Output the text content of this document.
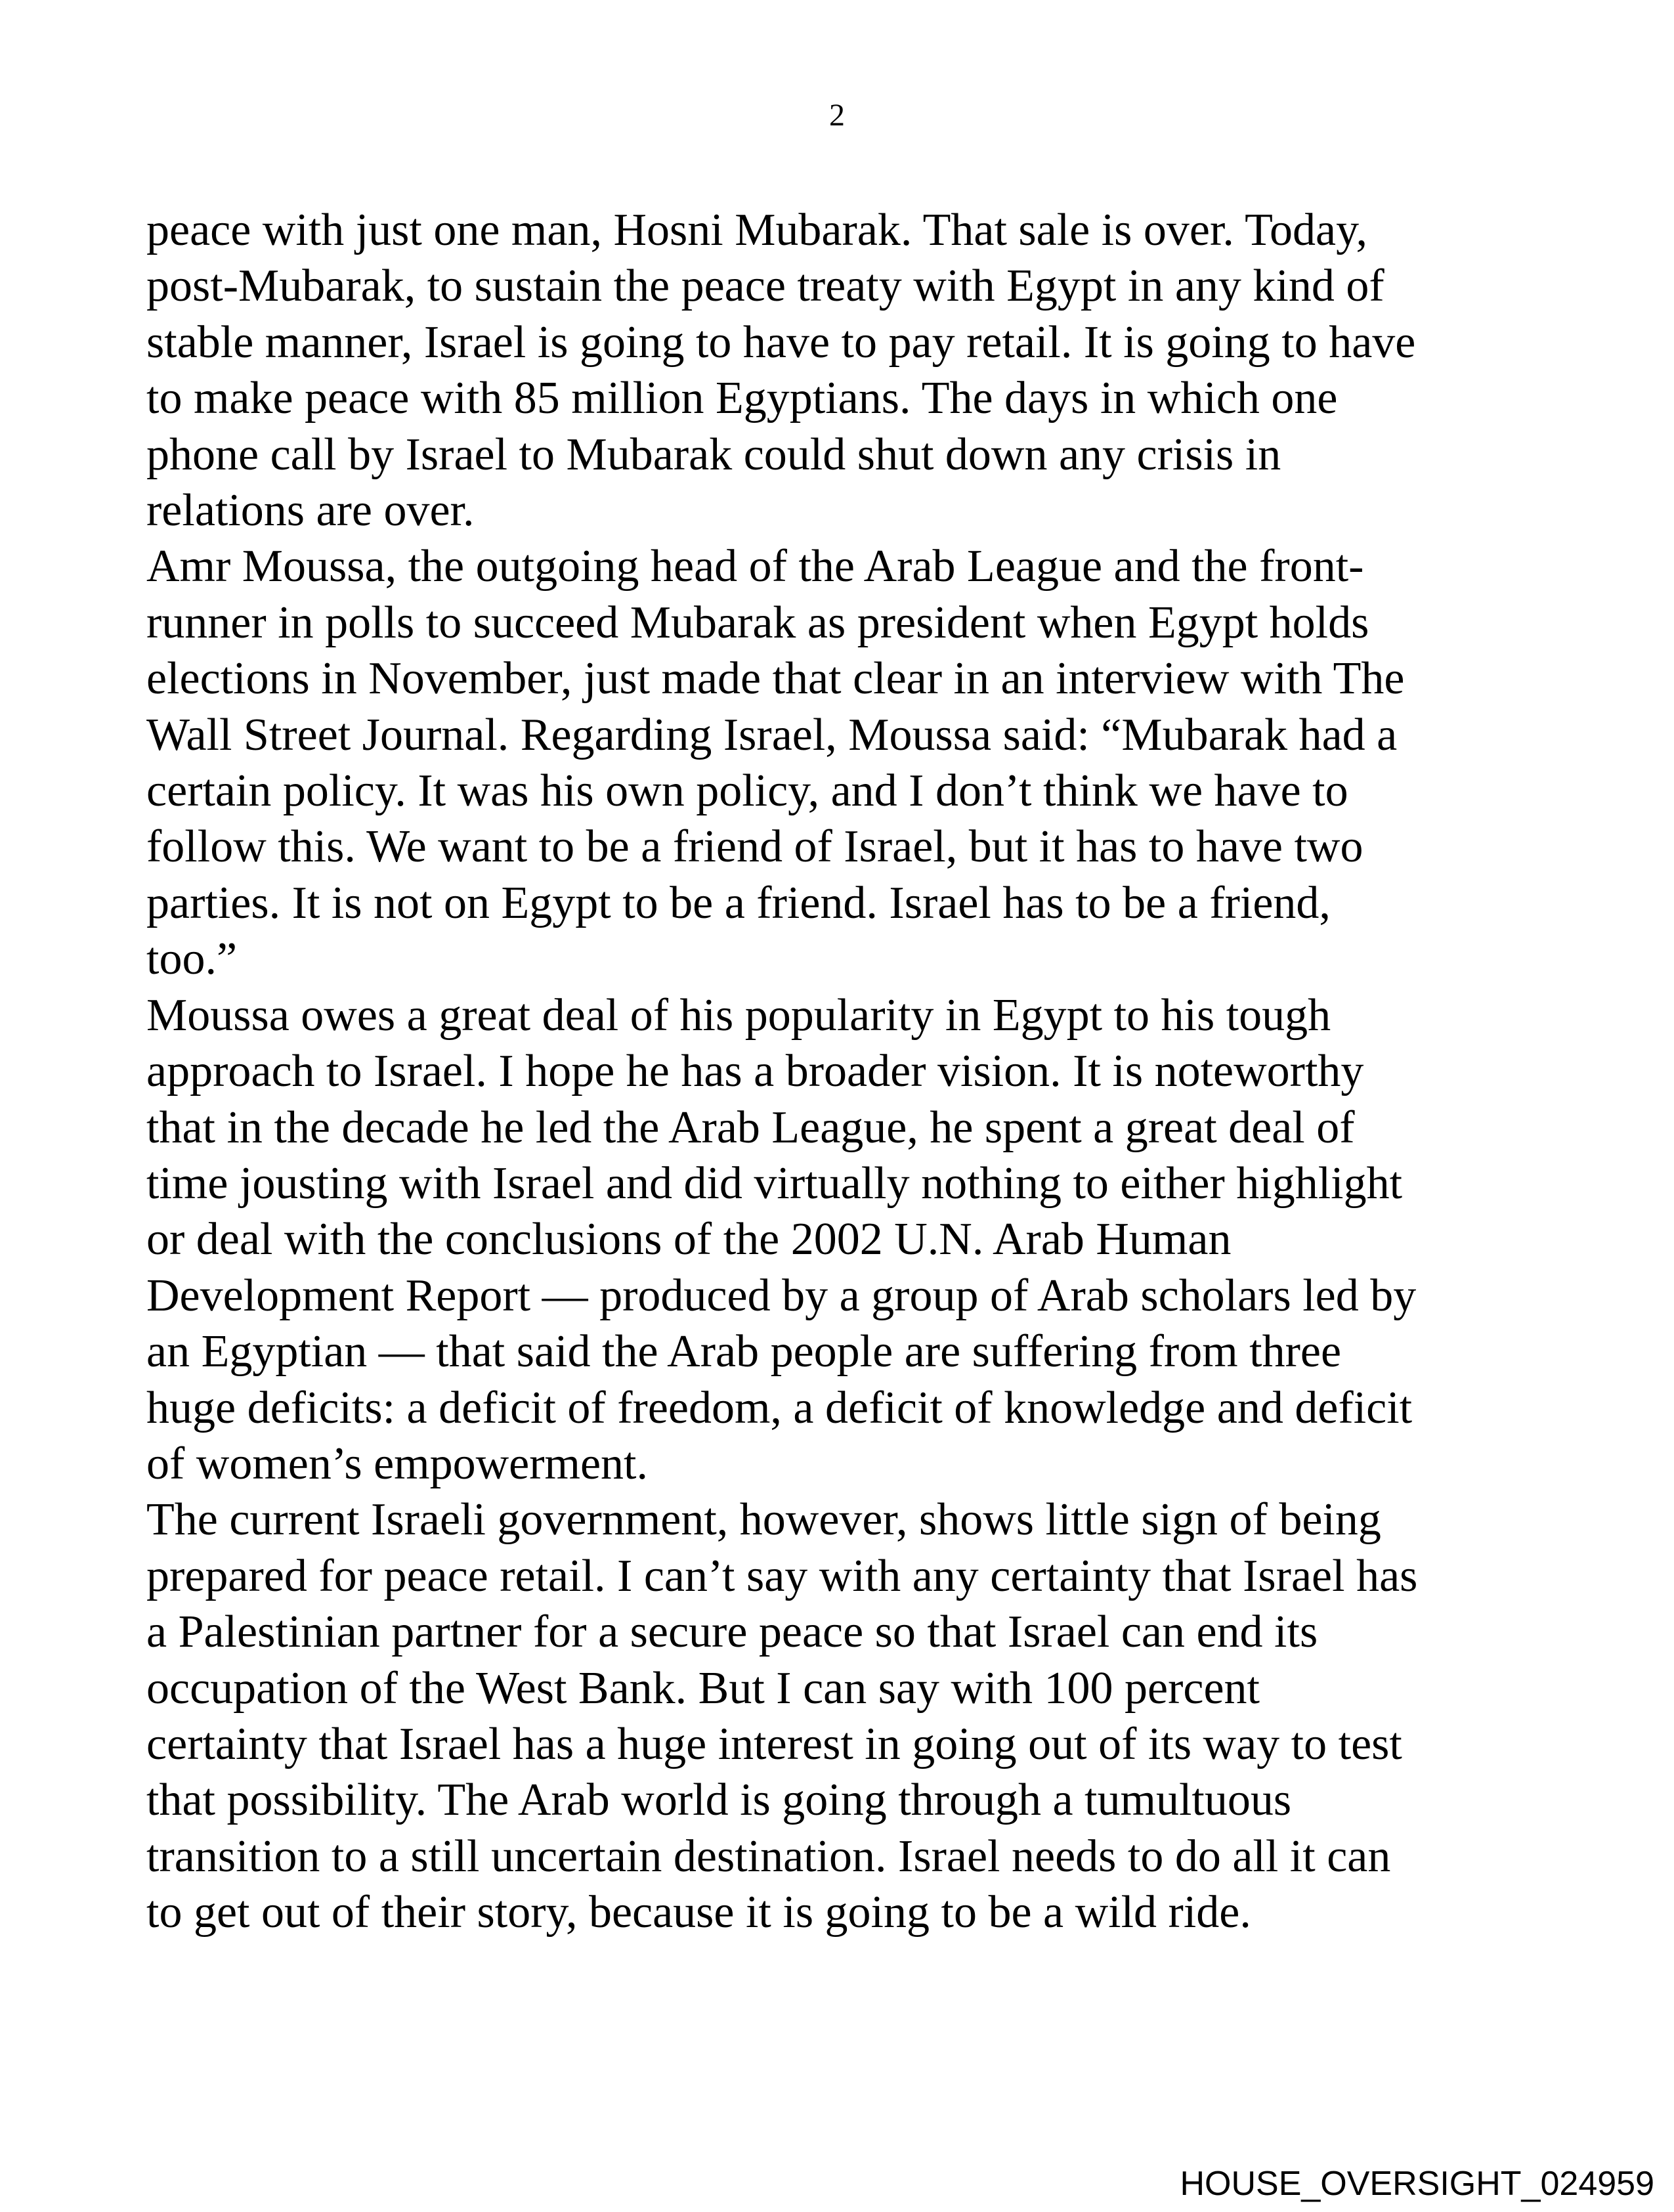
2
peace with just one man, Hosni Mubarak. That sale is over. Today,
post-Mubarak, to sustain the peace treaty with Egypt in any kind of
stable manner, Israel is going to have to pay retail. It is going to have
to make peace with 85 million Egyptians. The days in which one
phone call by Israel to Mubarak could shut down any crisis in
relations are over.
Amr Moussa, the outgoing head of the Arab League and the front-
runner in polls to succeed Mubarak as president when Egypt holds
elections in November, just made that clear in an interview with The
Wall Street Journal. Regarding Israel, Moussa said: “Mubarak had a
certain policy. It was his own policy, and I don’t think we have to
follow this. We want to be a friend of Israel, but it has to have two
parties. It is not on Egypt to be a friend. Israel has to be a friend,
too.”
Moussa owes a great deal of his popularity in Egypt to his tough
approach to Israel. I hope he has a broader vision. It is noteworthy
that in the decade he led the Arab League, he spent a great deal of
time jousting with Israel and did virtually nothing to either highlight
or deal with the conclusions of the 2002 U.N. Arab Human
Development Report — produced by a group of Arab scholars led by
an Egyptian — that said the Arab people are suffering from three
huge deficits: a deficit of freedom, a deficit of knowledge and deficit
of women’s empowerment.
The current Israeli government, however, shows little sign of being
prepared for peace retail. I can’t say with any certainty that Israel has
a Palestinian partner for a secure peace so that Israel can end its
occupation of the West Bank. But I can say with 100 percent
certainty that Israel has a huge interest in going out of its way to test
that possibility. The Arab world is going through a tumultuous
transition to a still uncertain destination. Israel needs to do all it can
to get out of their story, because it is going to be a wild ride.
HOUSE_OVERSIGHT_024959
